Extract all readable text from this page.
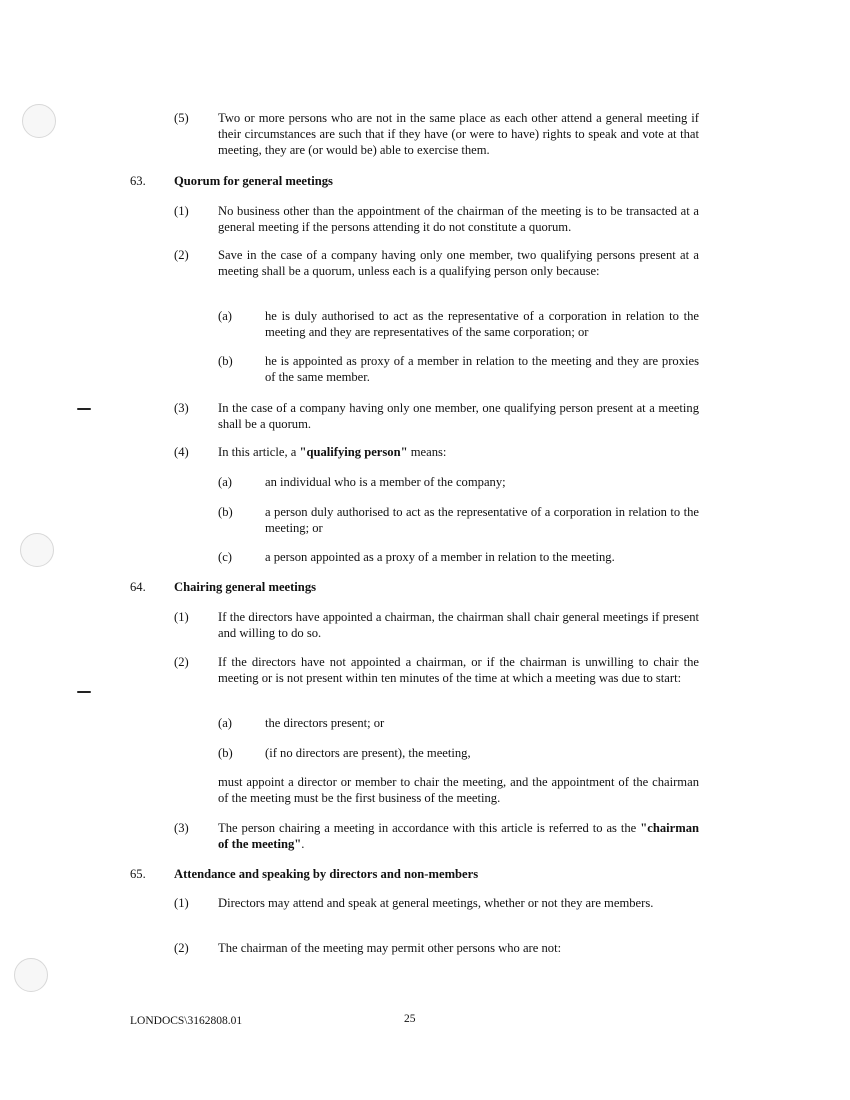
(5) Two or more persons who are not in the same place as each other attend a general meeting if their circumstances are such that if they have (or were to have) rights to speak and vote at that meeting, they are (or would be) able to exercise them.
63. Quorum for general meetings
(1) No business other than the appointment of the chairman of the meeting is to be transacted at a general meeting if the persons attending it do not constitute a quorum.
(2) Save in the case of a company having only one member, two qualifying persons present at a meeting shall be a quorum, unless each is a qualifying person only because:
(a)	he is duly authorised to act as the representative of a corporation in relation to the meeting and they are representatives of the same corporation; or
(b)	he is appointed as proxy of a member in relation to the meeting and they are proxies of the same member.
(3) In the case of a company having only one member, one qualifying person present at a meeting shall be a quorum.
(4) In this article, a "qualifying person" means:
(a)	an individual who is a member of the company;
(b)	a person duly authorised to act as the representative of a corporation in relation to the meeting; or
(c)	a person appointed as a proxy of a member in relation to the meeting.
64. Chairing general meetings
(1) If the directors have appointed a chairman, the chairman shall chair general meetings if present and willing to do so.
(2) If the directors have not appointed a chairman, or if the chairman is unwilling to chair the meeting or is not present within ten minutes of the time at which a meeting was due to start:
(a)	the directors present; or
(b)	(if no directors are present), the meeting,
must appoint a director or member to chair the meeting, and the appointment of the chairman of the meeting must be the first business of the meeting.
(3) The person chairing a meeting in accordance with this article is referred to as the "chairman of the meeting".
65. Attendance and speaking by directors and non-members
(1) Directors may attend and speak at general meetings, whether or not they are members.
(2) The chairman of the meeting may permit other persons who are not:
LONDOCS\3162808.01	25
